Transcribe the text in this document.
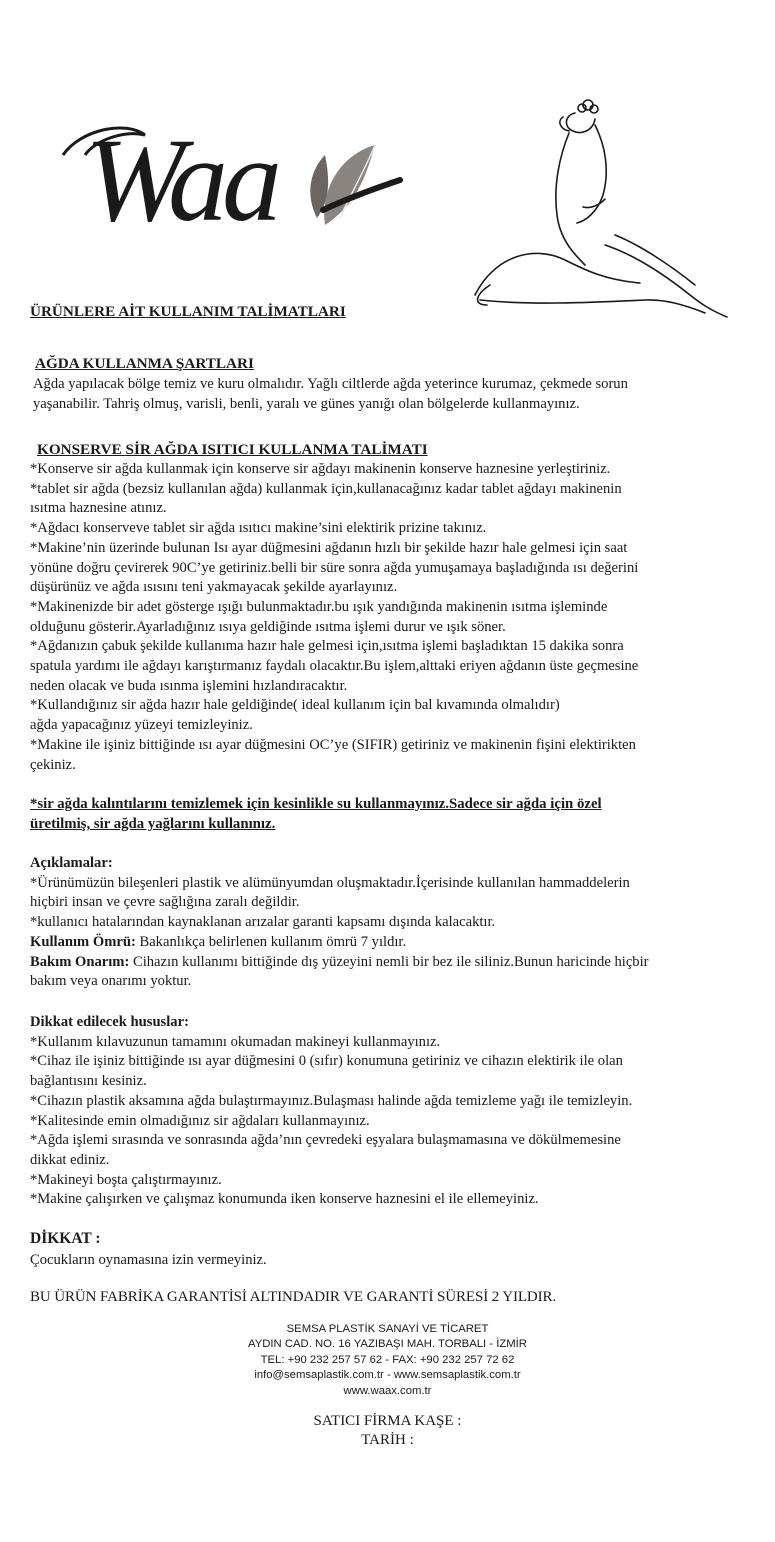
Waa
ÜRÜNLERE AİT KULLANIM TALİMATLARI
AĞDA KULLANMA ŞARTLARI
Ağda yapılacak bölge temiz ve kuru olmalıdır. Yağlı ciltlerde ağda yeterince kurumaz, çekmede sorun
yaşanabilir. Tahriş olmuş, varisli, benli, yaralı ve günes yanığı olan bölgelerde kullanmayınız.
KONSERVE SİR AĞDA ISITICI KULLANMA TALİMATI
*Konserve sir ağda kullanmak için konserve sir ağdayı makinenin konserve haznesine yerleştiriniz.
*tablet sir ağda (bezsiz kullanılan ağda) kullanmak için,kullanacağınız kadar tablet ağdayı makinenin
ısıtma haznesine atınız.
*Ağdacı konserveve tablet sir ağda ısıtıcı makine’sini elektirik prizine takınız.
*Makine’nin üzerinde bulunan Isı ayar düğmesini ağdanın hızlı bir şekilde hazır hale gelmesi için saat
yönüne doğru çevirerek 90C’ye getiriniz.belli bir süre sonra ağda yumuşamaya başladığında ısı değerini
düşürünüz ve ağda ısısını teni yakmayacak şekilde ayarlayınız.
*Makinenizde bir adet gösterge ışığı bulunmaktadır.bu ışık yandığında makinenin ısıtma işleminde
olduğunu gösterir.Ayarladığınız ısıya geldiğinde ısıtma işlemi durur ve ışık söner.
*Ağdanızın çabuk şekilde kullanıma hazır hale gelmesi için,ısıtma işlemi başladıktan 15 dakika sonra
spatula yardımı ile ağdayı karıştırmanız faydalı olacaktır.Bu işlem,alttaki eriyen ağdanın üste geçmesine
neden olacak ve buda ısınma işlemini hızlandıracaktır.
*Kullandığınız sir ağda hazır hale geldiğinde( ideal kullanım için bal kıvamında olmalıdır)
ağda yapacağınız yüzeyi temizleyiniz.
*Makine ile işiniz bittiğinde ısı ayar düğmesini OC’ye (SIFIR) getiriniz ve makinenin fişini elektirikten
çekiniz.
*sir ağda kalıntılarını temizlemek için kesinlikle su kullanmayınız.Sadece sir ağda için özel
üretilmiş, sir ağda yağlarını kullanınız.
Açıklamalar:
*Ürünümüzün bileşenleri plastik ve alümünyumdan oluşmaktadır.İçerisinde kullanılan hammaddelerin
hiçbiri insan ve çevre sağlığına zaralı değildir.
*kullanıcı hatalarından kaynaklanan arızalar garanti kapsamı dışında kalacaktır.
Kullanım Ömrü: Bakanlıkça belirlenen kullanım ömrü 7 yıldır.
Bakım Onarım: Cihazın kullanımı bittiğinde dış yüzeyini nemli bir bez ile siliniz.Bunun haricinde hiçbir
bakım veya onarımı yoktur.
Dikkat edilecek hususlar:
*Kullanım kılavuzunun tamamını okumadan makineyi kullanmayınız.
*Cihaz ile işiniz bittiğinde ısı ayar düğmesini 0 (sıfır) konumuna getiriniz ve cihazın elektirik ile olan
bağlantısını kesiniz.
*Cihazın plastik aksamına ağda bulaştırmayınız.Bulaşması halinde ağda temizleme yağı ile temizleyin.
*Kalitesinde emin olmadığınız sir ağdaları kullanmayınız.
*Ağda işlemi sırasında ve sonrasında ağda’nın çevredeki eşyalara bulaşmamasına ve dökülmemesine
dikkat ediniz.
*Makineyi boşta çalıştırmayınız.
*Makine çalışırken ve çalışmaz konumunda iken konserve haznesini el ile ellemeyiniz.
DİKKAT :
Çocukların oynamasına izin vermeyiniz.
BU ÜRÜN FABRİKA GARANTİSİ ALTINDADIR VE GARANTİ SÜRESİ 2 YILDIR.
SEMSA PLASTİK SANAYİ VE TİCARET
AYDIN CAD. NO. 16 YAZIBAŞI MAH. TORBALI - İZMİR
TEL: +90 232 257 57 62 - FAX: +90 232 257 72 62
info@semsaplastik.com.tr - www.semsaplastik.com.tr
www.waax.com.tr
SATICI FİRMA KAŞE :
TARİH :
